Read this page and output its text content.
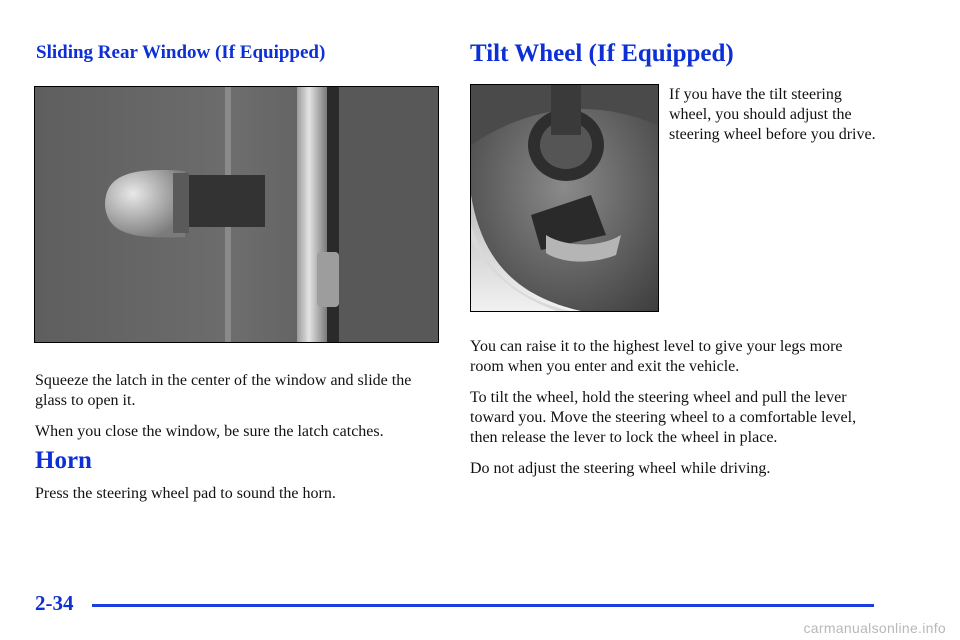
Sliding Rear Window (If Equipped)

Squeeze the latch in the center of the window and slide the glass to open it.

When you close the window, be sure the latch catches.

Horn

Press the steering wheel pad to sound the horn.

Tilt Wheel (If Equipped)

If you have the tilt steering wheel, you should adjust the steering wheel before you drive.

You can raise it to the highest level to give your legs more room when you enter and exit the vehicle.

To tilt the wheel, hold the steering wheel and pull the lever toward you. Move the steering wheel to a comfortable level, then release the lever to lock the wheel in place.

Do not adjust the steering wheel while driving.

2-34
carmanualsonline.info
